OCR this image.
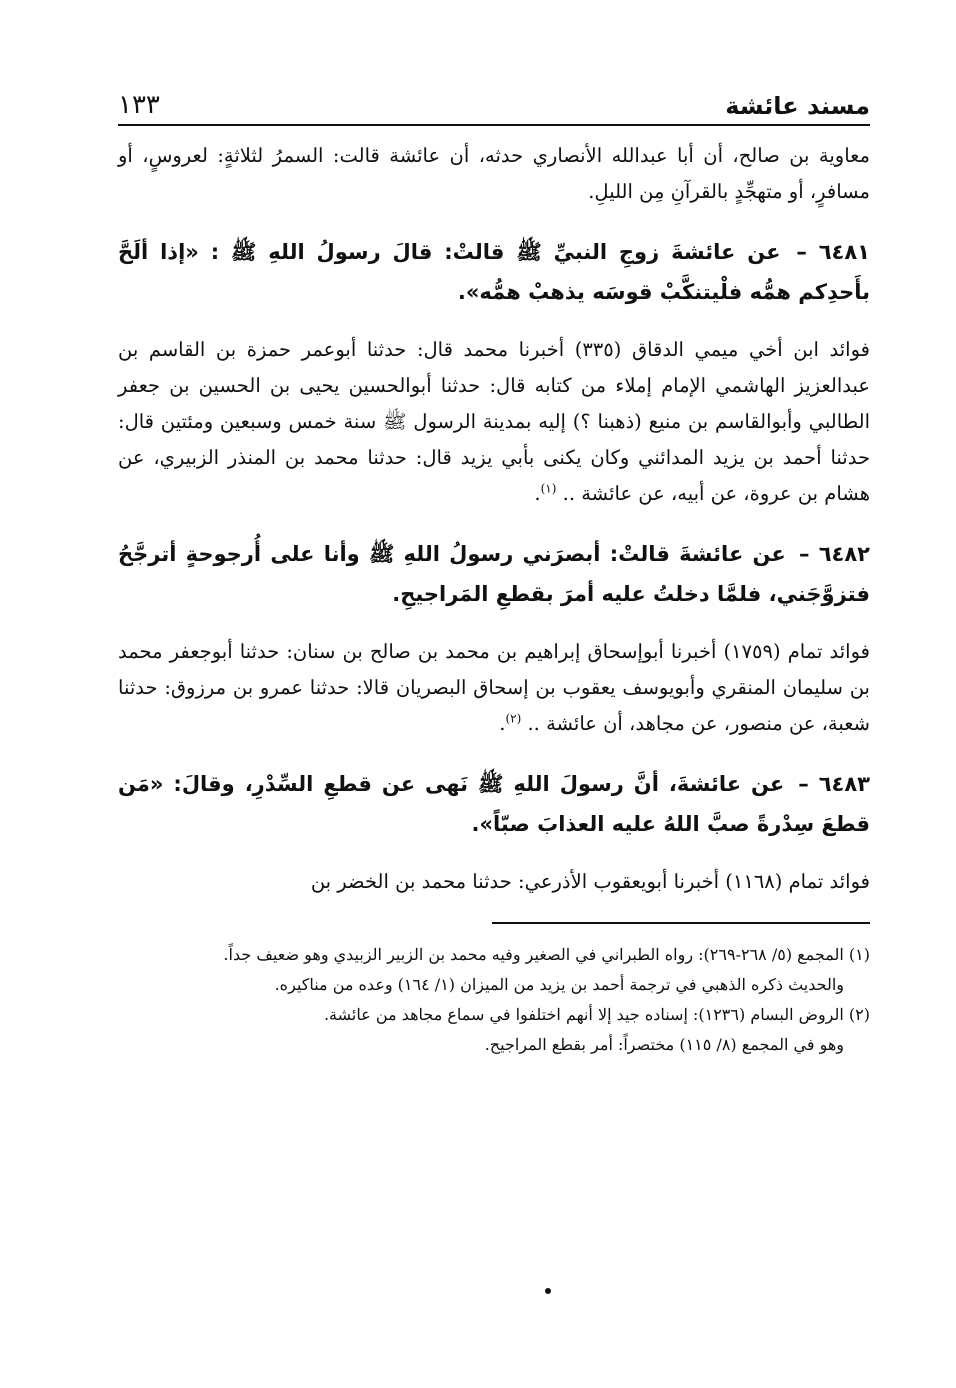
مسند عائشة
١٣٣

معاوية بن صالح، أن أبا عبدالله الأنصاري حدثه، أن عائشة قالت: السمرُ لثلاثةٍ: لعروسٍ، أو مسافرٍ، أو متهجِّدٍ بالقرآنِ مِن الليلِ.

٦٤٨١ – عن عائشةَ زوجِ النبيِّ ﷺ قالتْ: قالَ رسولُ اللهِ ﷺ : «إذا ألَحَّ بأَحدِكم همُّه فلْيتنكَّبْ قوسَه يذهبْ همُّه».

فوائد ابن أخي ميمي الدقاق (٣٣٥) أخبرنا محمد قال: حدثنا أبوعمر حمزة بن القاسم بن عبدالعزيز الهاشمي الإمام إملاء من كتابه قال: حدثنا أبوالحسين يحيى بن الحسين بن جعفر الطالبي وأبوالقاسم بن منيع (ذهبنا ؟) إليه بمدينة الرسول ﷺ سنة خمس وسبعين ومئتين قال: حدثنا أحمد بن يزيد المدائني وكان يكنى بأبي يزيد قال: حدثنا محمد بن المنذر الزبيري، عن هشام بن عروة، عن أبيه، عن عائشة .. $^{(١)}$.

٦٤٨٢ – عن عائشةَ قالتْ: أبصرَني رسولُ اللهِ ﷺ وأنا على أُرجوحةٍ أترجَّحُ فتزوَّجَني، فلمَّا دخلتُ عليه أمرَ بقطعِ المَراجيحِ.

فوائد تمام (١٧٥٩) أخبرنا أبوإسحاق إبراهيم بن محمد بن صالح بن سنان: حدثنا أبوجعفر محمد بن سليمان المنقري وأبويوسف يعقوب بن إسحاق البصريان قالا: حدثنا عمرو بن مرزوق: حدثنا شعبة، عن منصور، عن مجاهد، أن عائشة .. $^{(٢)}$.

٦٤٨٣ – عن عائشةَ، أنَّ رسولَ اللهِ ﷺ نَهى عن قطعِ السِّدْرِ، وقالَ: «مَن قطعَ سِدْرةً صبَّ اللهُ عليه العذابَ صبّاً».

فوائد تمام (١١٦٨) أخبرنا أبويعقوب الأذرعي: حدثنا محمد بن الخضر بن

(١) المجمع (٥/ ٢٦٨-٢٦٩): رواه الطبراني في الصغير وفيه محمد بن الزبير الزبيدي وهو ضعيف جداً.

والحديث ذكره الذهبي في ترجمة أحمد بن يزيد من الميزان (١/ ١٦٤) وعده من مناكيره.

(٢) الروض البسام (١٢٣٦): إسناده جيد إلا أنهم اختلفوا في سماع مجاهد من عائشة.

وهو في المجمع (٨/ ١١٥) مختصراً: أمر بقطع المراجيح.
